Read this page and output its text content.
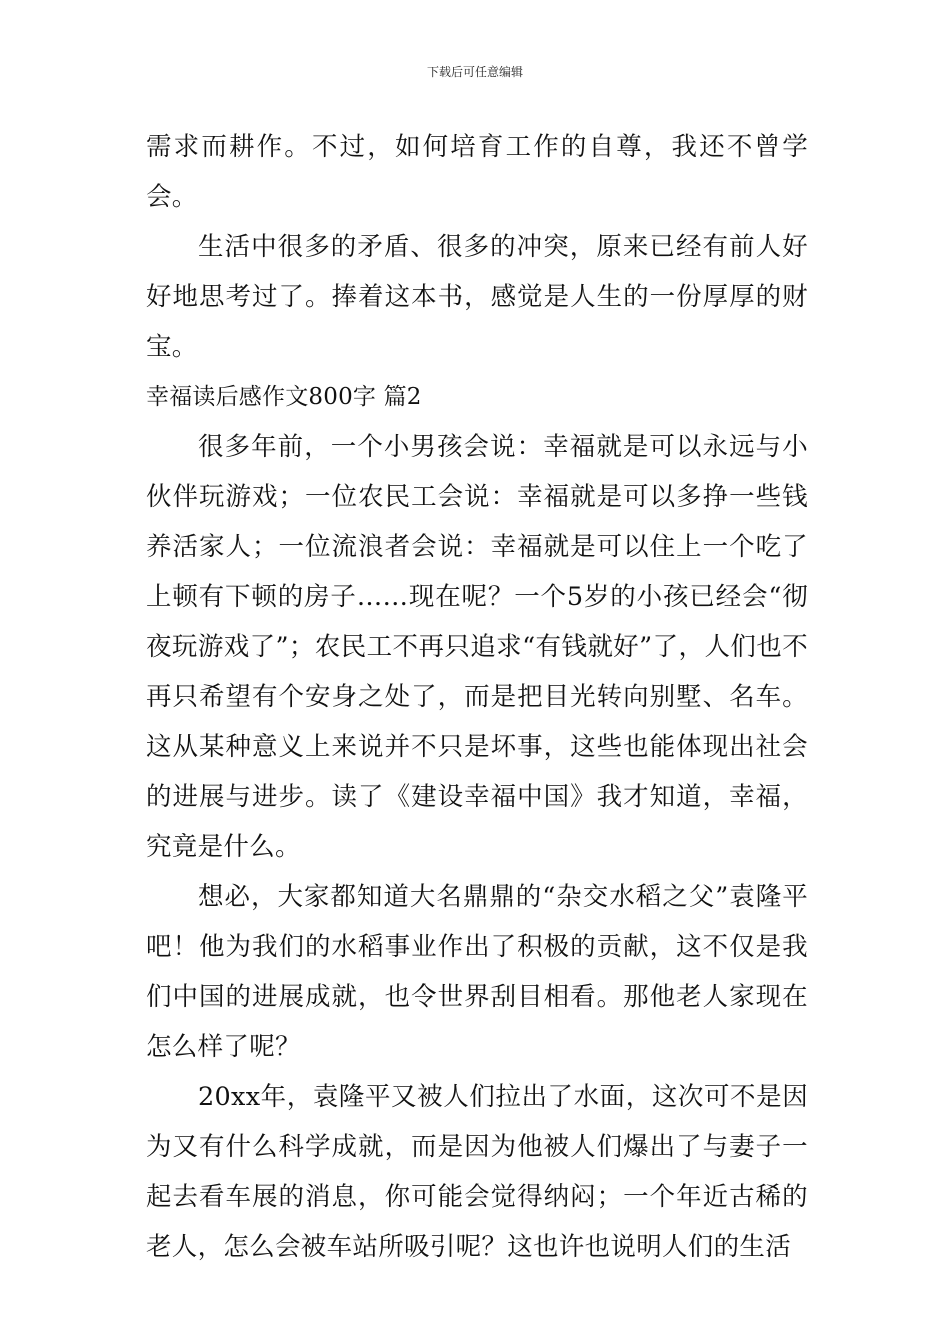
下载后可任意编辑

需求而耕作。不过，如何培育工作的自尊，我还不曾学会。

生活中很多的矛盾、很多的冲突，原来已经有前人好好地思考过了。捧着这本书，感觉是人生的一份厚厚的财宝。

幸福读后感作文800字 篇2

很多年前，一个小男孩会说：幸福就是可以永远与小伙伴玩游戏；一位农民工会说：幸福就是可以多挣一些钱养活家人；一位流浪者会说：幸福就是可以住上一个吃了上顿有下顿的房子……现在呢？一个5岁的小孩已经会“彻夜玩游戏了”；农民工不再只追求“有钱就好”了，人们也不再只希望有个安身之处了，而是把目光转向别墅、名车。这从某种意义上来说并不只是坏事，这些也能体现出社会的进展与进步。读了《建设幸福中国》我才知道，幸福，究竟是什么。

想必，大家都知道大名鼎鼎的“杂交水稻之父”袁隆平吧！他为我们的水稻事业作出了积极的贡献，这不仅是我们中国的进展成就，也令世界刮目相看。那他老人家现在怎么样了呢？

20xx年，袁隆平又被人们拉出了水面，这次可不是因为又有什么科学成就，而是因为他被人们爆出了与妻子一起去看车展的消息，你可能会觉得纳闷；一个年近古稀的老人，怎么会被车站所吸引呢？这也许也说明人们的生活
